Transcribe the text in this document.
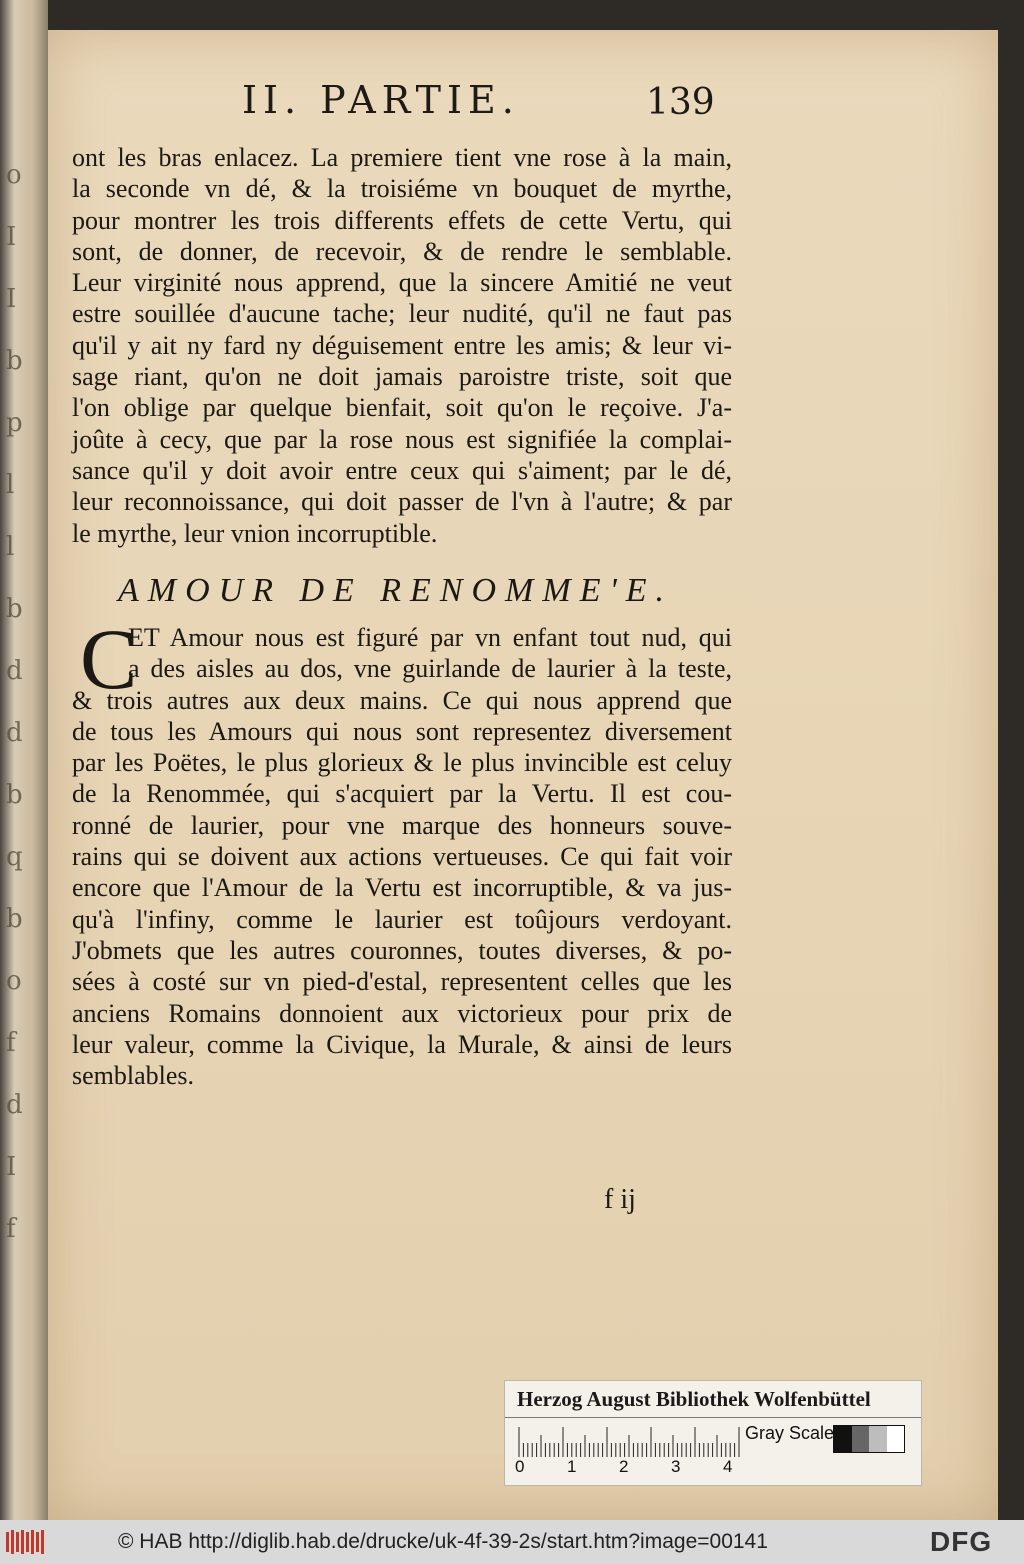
o
I
I
b
p
l
l
b
d
d
b
q
b
o
f
d
I
f
II. PARTIE.	139
ont les bras enlacez. La premiere tient vne rose à la main,
la seconde vn dé, & la troisiéme vn bouquet de myrthe,
pour montrer les trois differents effets de cette Vertu, qui
sont, de donner, de recevoir, & de rendre le semblable.
Leur virginité nous apprend, que la sincere Amitié ne veut
estre souillée d'aucune tache; leur nudité, qu'il ne faut pas
qu'il y ait ny fard ny déguisement entre les amis; & leur vi-
sage riant, qu'on ne doit jamais paroistre triste, soit que
l'on oblige par quelque bienfait, soit qu'on le reçoive. J'a-
joûte à cecy, que par la rose nous est signifiée la complai-
sance qu'il y doit avoir entre ceux qui s'aiment; par le dé,
leur reconnoissance, qui doit passer de l'vn à l'autre; & par
le myrthe, leur vnion incorruptible.
AMOUR DE RENOMME'E.
C
ET Amour nous est figuré par vn enfant tout nud, qui
a des aisles au dos, vne guirlande de laurier à la teste,
& trois autres aux deux mains. Ce qui nous apprend que
de tous les Amours qui nous sont representez diversement
par les Poëtes, le plus glorieux & le plus invincible est celuy
de la Renommée, qui s'acquiert par la Vertu. Il est cou-
ronné de laurier, pour vne marque des honneurs souve-
rains qui se doivent aux actions vertueuses. Ce qui fait voir
encore que l'Amour de la Vertu est incorruptible, & va jus-
qu'à l'infiny, comme le laurier est toûjours verdoyant.
J'obmets que les autres couronnes, toutes diverses, & po-
sées à costé sur vn pied-d'estal, representent celles que les
anciens Romains donnoient aux victorieux pour prix de
leur valeur, comme la Civique, la Murale, & ainsi de leurs
semblables.
f ij
Herzog August Bibliothek Wolfenbüttel
0	1	2	3	4
Gray Scale
© HAB http://diglib.hab.de/drucke/uk-4f-39-2s/start.htm?image=00141	DFG
